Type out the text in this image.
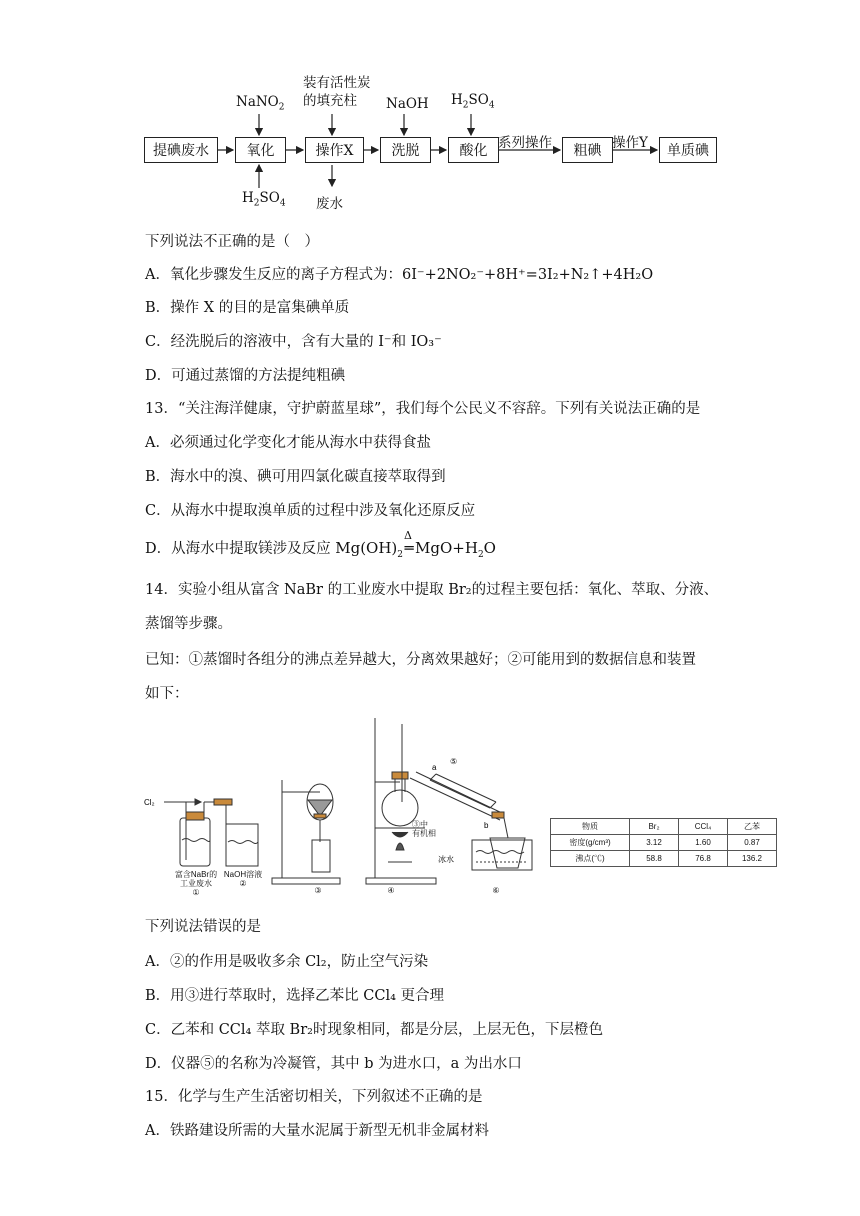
提碘废水	氧化	操作X	洗脱	酸化	粗碘	单质碘
NaNO$_2$
$H_2SO_4$
装有活性炭
的填充柱
废水
NaOH $H_2SO_4$
系列操作	操作Y
下列说法不正确的是（　）
A．氧化步骤发生反应的离子方程式为：6I⁻+2NO₂⁻+8H⁺=3I₂+N₂↑+4H₂O
B．操作 X 的目的是富集碘单质
C．经洗脱后的溶液中，含有大量的 I⁻和 IO₃⁻
D．可通过蒸馏的方法提纯粗碘
13．“关注海洋健康，守护蔚蓝星球”，我们每个公民义不容辞。下列有关说法正确的是
A．必须通过化学变化才能从海水中获得食盐
B．海水中的溴、碘可用四氯化碳直接萃取得到
C．从海水中提取溴单质的过程中涉及氧化还原反应
D．从海水中提取镁涉及反应 $Mg(OH)_2$
Δ
$═MgO+H_2O$
14．实验小组从富含 NaBr 的工业废水中提取 Br₂的过程主要包括：氧化、萃取、分液、
蒸馏等步骤。
已知：①蒸馏时各组分的沸点差异越大，分离效果越好；②可能用到的数据信息和装置
如下：
Cl₂
a
b
⑤
冰水
富含NaBr的
工业废水
①
NaOH溶液
②
③	④
③中
有机相
⑥
物质	Br₂	CCl₄	乙苯
密度(g/cm³)	3.12	1.60	0.87
沸点(℃)	58.8	76.8	136.2
下列说法错误的是
A．②的作用是吸收多余 Cl₂，防止空气污染
B．用③进行萃取时，选择乙苯比 CCl₄ 更合理
C．乙苯和 CCl₄ 萃取 Br₂时现象相同，都是分层，上层无色，下层橙色
D．仪器⑤的名称为冷凝管，其中 b 为进水口，a 为出水口
15．化学与生产生活密切相关，下列叙述不正确的是
A．铁路建设所需的大量水泥属于新型无机非金属材料
